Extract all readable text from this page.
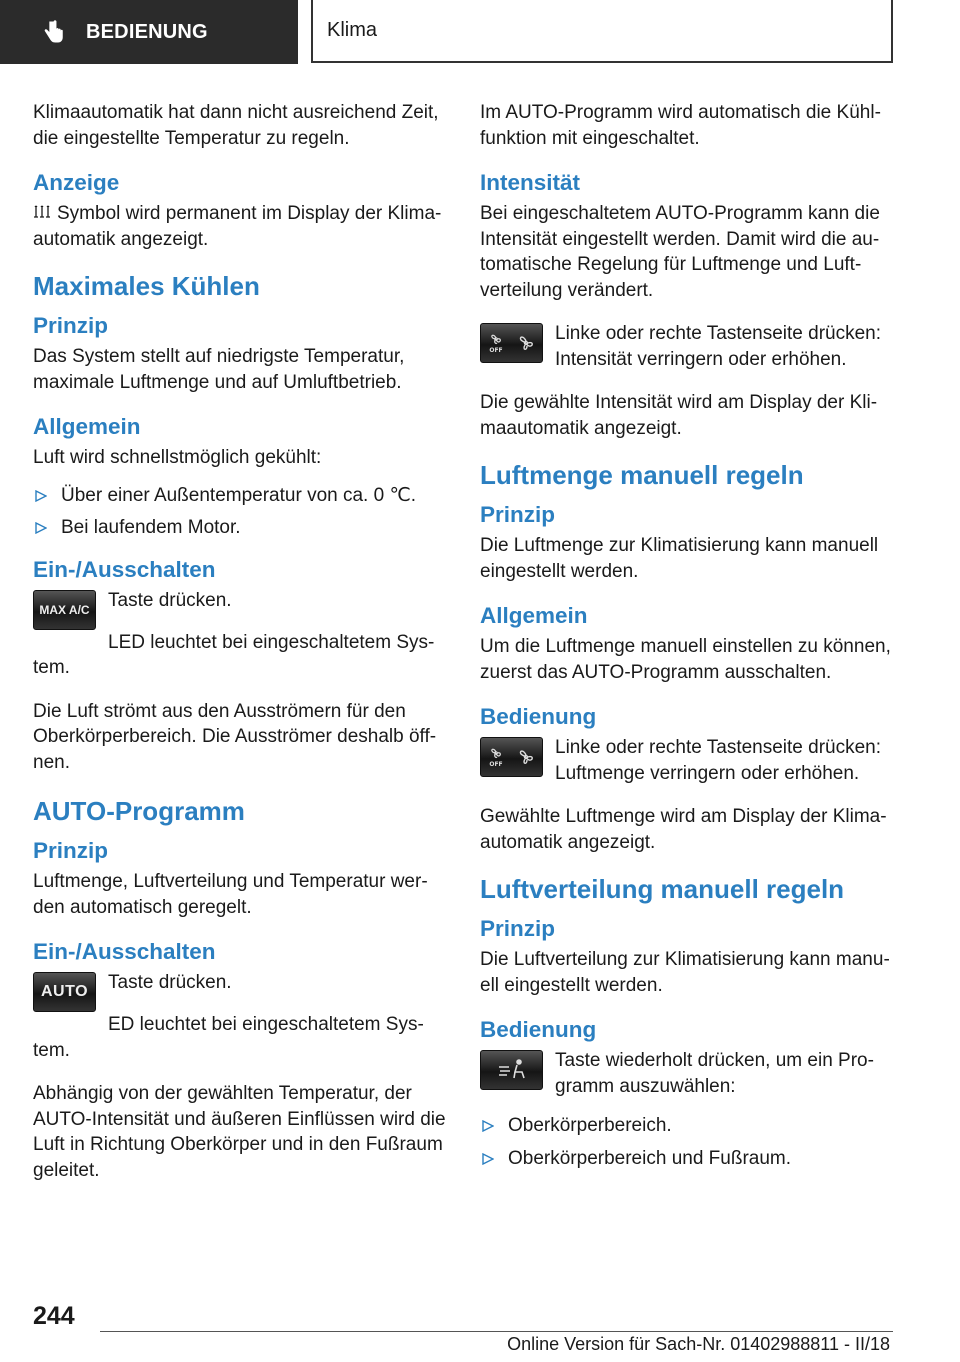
BEDIENUNG	Klima

Klimaautomatik hat dann nicht ausreichend Zeit, die eingestellte Temperatur zu regeln.

Anzeige

Symbol wird permanent im Display der Klimaautomatik angezeigt.

Maximales Kühlen
Prinzip

Das System stellt auf niedrigste Temperatur, maximale Luftmenge und auf Umluftbetrieb.

Allgemein

Luft wird schnellstmöglich gekühlt:

Über einer Außentemperatur von ca. 0 ℃.
Bei laufendem Motor.
Ein-/Ausschalten
MAX A/C Taste drücken.

LED leuchtet bei eingeschaltetem System.

Die Luft strömt aus den Ausströmern für den Oberkörperbereich. Die Ausströmer deshalb öffnen.

AUTO-Programm
Prinzip

Luftmenge, Luftverteilung und Temperatur werden automatisch geregelt.

Ein-/Ausschalten
AUTO	Taste drücken.

ED leuchtet bei eingeschaltetem System.

Abhängig von der gewählten Temperatur, der AUTO-Intensität und äußeren Einflüssen wird die Luft in Richtung Oberkörper und in den Fußraum geleitet.

Im AUTO-Programm wird automatisch die Kühlfunktion mit eingeschaltet.

Intensität

Bei eingeschaltetem AUTO-Programm kann die Intensität eingestellt werden. Damit wird die automatische Regelung für Luftmenge und Luftverteilung verändert.

OFF

Linke oder rechte Tastenseite drücken: Intensität verringern oder erhöhen.

Die gewählte Intensität wird am Display der Klimaautomatik angezeigt.

Luftmenge manuell regeln
Prinzip

Die Luftmenge zur Klimatisierung kann manuell eingestellt werden.

Allgemein

Um die Luftmenge manuell einstellen zu können, zuerst das AUTO-Programm ausschalten.

Bedienung
OFF

Linke oder rechte Tastenseite drücken: Luftmenge verringern oder erhöhen.

Gewählte Luftmenge wird am Display der Klimaautomatik angezeigt.

Luftverteilung manuell regeln
Prinzip

Die Luftverteilung zur Klimatisierung kann manuell eingestellt werden.

Bedienung

Taste wiederholt drücken, um ein Programm auszuwählen:

Oberkörperbereich.
Oberkörperbereich und Fußraum.
244
Online Version für Sach-Nr. 01402988811 - II/18
